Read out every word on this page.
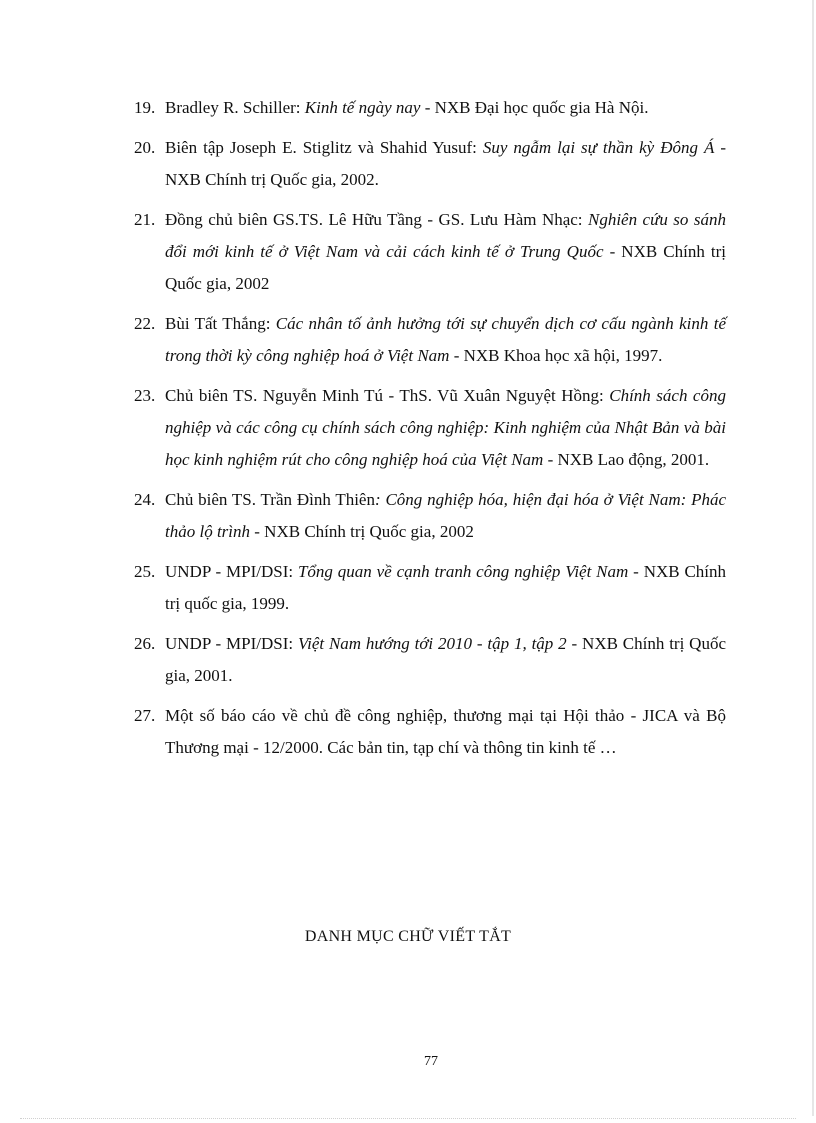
19. Bradley R. Schiller: Kinh tế ngày nay - NXB Đại học quốc gia Hà Nội.
20. Biên tập Joseph E. Stiglitz và Shahid Yusuf: Suy ngẫm lại sự thần kỳ Đông Á - NXB Chính trị Quốc gia, 2002.
21. Đồng chủ biên GS.TS. Lê Hữu Tầng - GS. Lưu Hàm Nhạc: Nghiên cứu so sánh đổi mới kinh tế ở Việt Nam và cải cách kinh tế ở Trung Quốc - NXB Chính trị Quốc gia, 2002
22. Bùi Tất Thắng: Các nhân tố ảnh hưởng tới sự chuyển dịch cơ cấu ngành kinh tế trong thời kỳ công nghiệp hoá ở Việt Nam - NXB Khoa học xã hội, 1997.
23. Chủ biên TS. Nguyễn Minh Tú - ThS. Vũ Xuân Nguyệt Hồng: Chính sách công nghiệp và các công cụ chính sách công nghiệp: Kinh nghiệm của Nhật Bản và bài học kinh nghiệm rút cho công nghiệp hoá của Việt Nam - NXB Lao động, 2001.
24. Chủ biên TS. Trần Đình Thiên: Công nghiệp hóa, hiện đại hóa ở Việt Nam: Phác thảo lộ trình - NXB Chính trị Quốc gia, 2002
25. UNDP - MPI/DSI: Tổng quan về cạnh tranh công nghiệp Việt Nam - NXB Chính trị quốc gia, 1999.
26. UNDP - MPI/DSI: Việt Nam hướng tới 2010 - tập 1, tập 2 - NXB Chính trị Quốc gia, 2001.
27. Một số báo cáo về chủ đề công nghiệp, thương mại tại Hội thảo - JICA và Bộ Thương mại - 12/2000. Các bản tin, tạp chí và thông tin kinh tế …
DANH MỤC CHỮ VIẾT TẮT
77
